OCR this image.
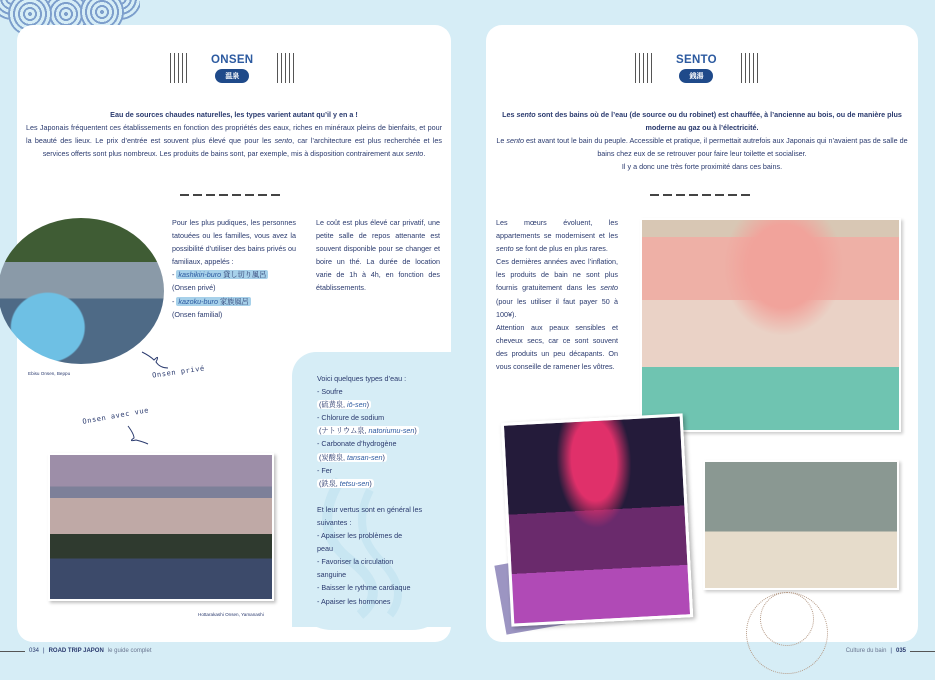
ONSEN
温泉
Eau de sources chaudes naturelles, les types varient autant qu’il y en a !
Les Japonais fréquentent ces établissements en fonction des propriétés des eaux, riches en minéraux pleins de bienfaits, et pour la beauté des lieux. Le prix d’entrée est souvent plus élevé que pour les sento, car l’architecture est plus recherchée et les services offerts sont plus nombreux. Les produits de bains sont, par exemple, mis à disposition contrairement aux sento.
Ebisu Onsen, Beppu
Pour les plus pudiques, les personnes tatouées ou les familles, vous avez la possibilité d’utiliser des bains privés ou familiaux, appelés :
- kashikiri-buro 貸し切り風呂
(Onsen privé)
- kazoku-buro 家族風呂
(Onsen familial)
Le coût est plus élevé car privatif, une petite salle de repos attenante est souvent disponible pour se changer et boire un thé. La durée de location varie de 1h à 4h, en fonction des établissements.
Onsen privé
Onsen avec vue
Hottarakashi Onsen, Yamanashi
Voici quelques types d’eau :
- Soufre
(硫黄泉, iō-sen)
- Chlorure de sodium
(ナトリウム泉, natoriumu-sen)
- Carbonate d’hydrogène
(炭酸泉, tansan-sen)
- Fer
(鉄泉, tetsu-sen)
Et leur vertus sont en général les suivantes :
- Apaiser les problèmes de peau
- Favoriser la circulation sanguine
- Baisser le rythme cardiaque
- Apaiser les hormones
034 | ROAD TRIP JAPON le guide complet
SENTO
銭湯
Les sento sont des bains où de l’eau (de source ou du robinet) est chauffée, à l’ancienne au bois, ou de manière plus moderne au gaz ou à l’électricité.
Le sento est avant tout le bain du peuple. Accessible et pratique, il permettait autrefois aux Japonais qui n’avaient pas de salle de bains chez eux de se retrouver pour faire leur toilette et socialiser.
Il y a donc une très forte proximité dans ces bains.
Les mœurs évoluent, les appartements se modernisent et les sento se font de plus en plus rares.
Ces dernières années avec l’inflation, les produits de bain ne sont plus fournis gratuitement dans les sento (pour les utiliser il faut payer 50 à 100¥).
Attention aux peaux sensibles et cheveux secs, car ce sont souvent des produits un peu décapants. On vous conseille de ramener les vôtres.
Culture du bain | 035
